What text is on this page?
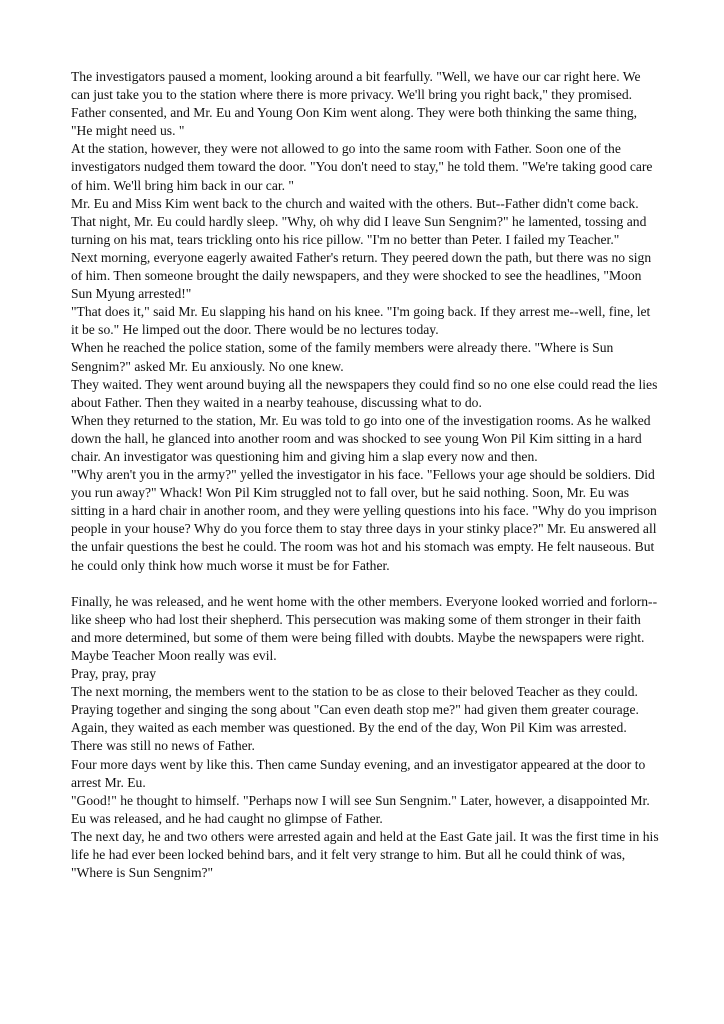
The investigators paused a moment, looking around a bit fearfully. "Well, we have our car right here. We can just take you to the station where there is more privacy. We'll bring you right back," they promised.

Father consented, and Mr. Eu and Young Oon Kim went along. They were both thinking the same thing, "He might need us. "

At the station, however, they were not allowed to go into the same room with Father. Soon one of the investigators nudged them toward the door. "You don't need to stay," he told them. "We're taking good care of him. We'll bring him back in our car. "

Mr. Eu and Miss Kim went back to the church and waited with the others. But--Father didn't come back.

That night, Mr. Eu could hardly sleep. "Why, oh why did I leave Sun Sengnim?" he lamented, tossing and turning on his mat, tears trickling onto his rice pillow. "I'm no better than Peter. I failed my Teacher."

Next morning, everyone eagerly awaited Father's return. They peered down the path, but there was no sign of him. Then someone brought the daily newspapers, and they were shocked to see the headlines, "Moon Sun Myung arrested!"

"That does it," said Mr. Eu slapping his hand on his knee. "I'm going back. If they arrest me--well, fine, let it be so." He limped out the door. There would be no lectures today.

When he reached the police station, some of the family members were already there. "Where is Sun Sengnim?" asked Mr. Eu anxiously. No one knew.

They waited. They went around buying all the newspapers they could find so no one else could read the lies about Father. Then they waited in a nearby teahouse, discussing what to do.

When they returned to the station, Mr. Eu was told to go into one of the investigation rooms. As he walked down the hall, he glanced into another room and was shocked to see young Won Pil Kim sitting in a hard chair. An investigator was questioning him and giving him a slap every now and then.

"Why aren't you in the army?" yelled the investigator in his face. "Fellows your age should be soldiers. Did you run away?" Whack! Won Pil Kim struggled not to fall over, but he said nothing. Soon, Mr. Eu was sitting in a hard chair in another room, and they were yelling questions into his face. "Why do you imprison people in your house? Why do you force them to stay three days in your stinky place?" Mr. Eu answered all the unfair questions the best he could. The room was hot and his stomach was empty. He felt nauseous. But he could only think how much worse it must be for Father.

Finally, he was released, and he went home with the other members. Everyone looked worried and forlorn--like sheep who had lost their shepherd. This persecution was making some of them stronger in their faith and more determined, but some of them were being filled with doubts. Maybe the newspapers were right. Maybe Teacher Moon really was evil.

Pray, pray, pray

The next morning, the members went to the station to be as close to their beloved Teacher as they could. Praying together and singing the song about "Can even death stop me?" had given them greater courage. Again, they waited as each member was questioned. By the end of the day, Won Pil Kim was arrested. There was still no news of Father.

Four more days went by like this. Then came Sunday evening, and an investigator appeared at the door to arrest Mr. Eu.

"Good!" he thought to himself. "Perhaps now I will see Sun Sengnim." Later, however, a disappointed Mr. Eu was released, and he had caught no glimpse of Father.

The next day, he and two others were arrested again and held at the East Gate jail. It was the first time in his life he had ever been locked behind bars, and it felt very strange to him. But all he could think of was, "Where is Sun Sengnim?"
